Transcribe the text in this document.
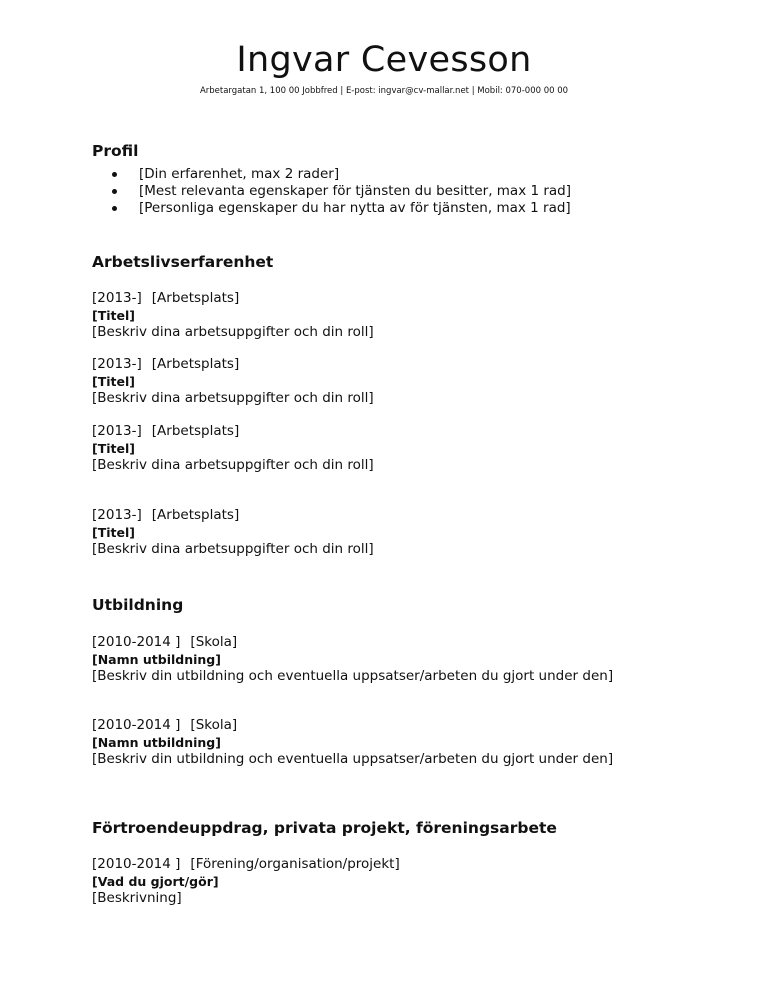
Ingvar Cevesson
Arbetargatan 1, 100 00 Jobbfred | E-post: ingvar@cv-mallar.net | Mobil: 070-000 00 00
Profil
[Din erfarenhet, max 2 rader]
[Mest relevanta egenskaper för tjänsten du besitter, max 1 rad]
[Personliga egenskaper du har nytta av för tjänsten, max 1 rad]
Arbetslivserfarenhet
[2013-] [Arbetsplats]
[Titel]
[Beskriv dina arbetsuppgifter och din roll]
[2013-] [Arbetsplats]
[Titel]
[Beskriv dina arbetsuppgifter och din roll]
[2013-] [Arbetsplats]
[Titel]
[Beskriv dina arbetsuppgifter och din roll]
[2013-] [Arbetsplats]
[Titel]
[Beskriv dina arbetsuppgifter och din roll]
Utbildning
[2010-2014 ] [Skola]
[Namn utbildning]
[Beskriv din utbildning och eventuella uppsatser/arbeten du gjort under den]
[2010-2014 ] [Skola]
[Namn utbildning]
[Beskriv din utbildning och eventuella uppsatser/arbeten du gjort under den]
Förtroendeuppdrag, privata projekt, föreningsarbete
[2010-2014 ] [Förening/organisation/projekt]
[Vad du gjort/gör]
[Beskrivning]
